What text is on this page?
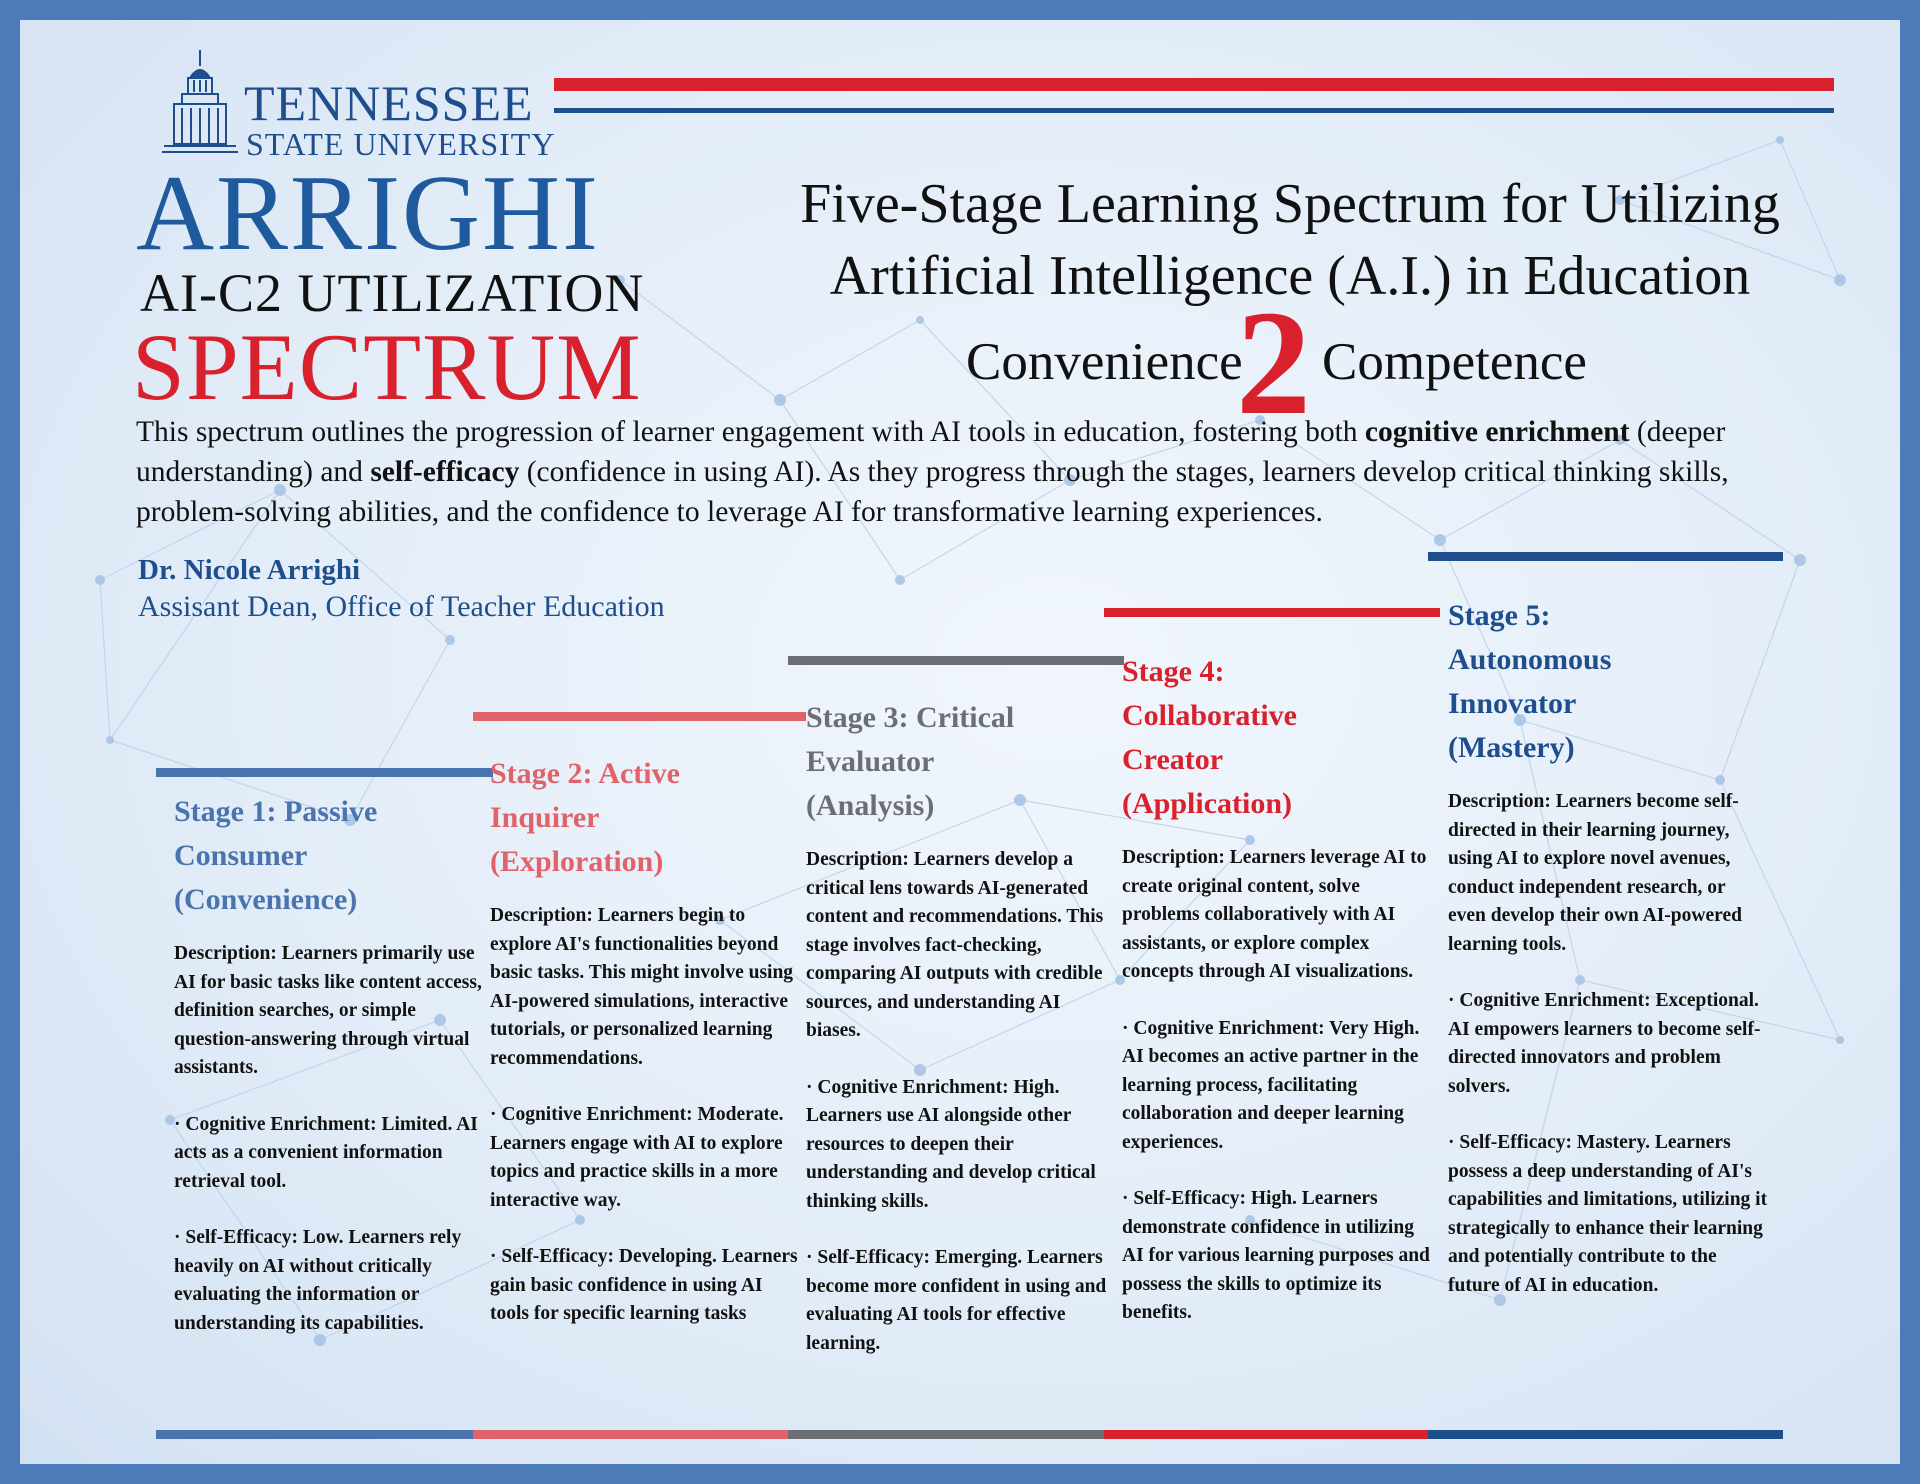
TENNESSEE
STATE UNIVERSITY
ARRIGHI
AI-C2 UTILIZATION
SPECTRUM
Five-Stage Learning Spectrum for Utilizing
Artificial Intelligence (A.I.) in Education
Convenience
2 Competence
This spectrum outlines the progression of learner engagement with AI tools in education, fostering both cognitive enrichment (deeper understanding) and self-efficacy (confidence in using AI). As they progress through the stages, learners develop critical thinking skills, problem-solving abilities, and the confidence to leverage AI for transformative learning experiences.
Dr. Nicole Arrighi
Assisant Dean, Office of Teacher Education
Stage 1: Passive
Consumer
(Convenience)

Description: Learners primarily use AI for basic tasks like content access, definition searches, or simple question-answering through virtual assistants.

· Cognitive Enrichment: Limited. AI acts as a convenient information retrieval tool.

· Self-Efficacy: Low. Learners rely heavily on AI without critically evaluating the information or understanding its capabilities.

Stage 2: Active
Inquirer
(Exploration)

Description: Learners begin to explore AI's functionalities beyond basic tasks. This might involve using AI-powered simulations, interactive tutorials, or personalized learning recommendations.

· Cognitive Enrichment: Moderate. Learners engage with AI to explore topics and practice skills in a more interactive way.

· Self-Efficacy: Developing. Learners gain basic confidence in using AI tools for specific learning tasks

Stage 3: Critical
Evaluator
(Analysis)

Description: Learners develop a critical lens towards AI-generated content and recommendations. This stage involves fact-checking, comparing AI outputs with credible sources, and understanding AI biases.

· Cognitive Enrichment: High. Learners use AI alongside other resources to deepen their understanding and develop critical thinking skills.

· Self-Efficacy: Emerging. Learners become more confident in using and evaluating AI tools for effective learning.

Stage 4:
Collaborative
Creator
(Application)

Description: Learners leverage AI to create original content, solve problems collaboratively with AI assistants, or explore complex concepts through AI visualizations.

· Cognitive Enrichment: Very High. AI becomes an active partner in the learning process, facilitating collaboration and deeper learning experiences.

· Self-Efficacy: High. Learners demonstrate confidence in utilizing AI for various learning purposes and possess the skills to optimize its benefits.

Stage 5:
Autonomous
Innovator
(Mastery)

Description: Learners become self-directed in their learning journey, using AI to explore novel avenues, conduct independent research, or even develop their own AI-powered learning tools.

· Cognitive Enrichment: Exceptional. AI empowers learners to become self-directed innovators and problem solvers.

· Self-Efficacy: Mastery. Learners possess a deep understanding of AI's capabilities and limitations, utilizing it strategically to enhance their learning and potentially contribute to the future of AI in education.
